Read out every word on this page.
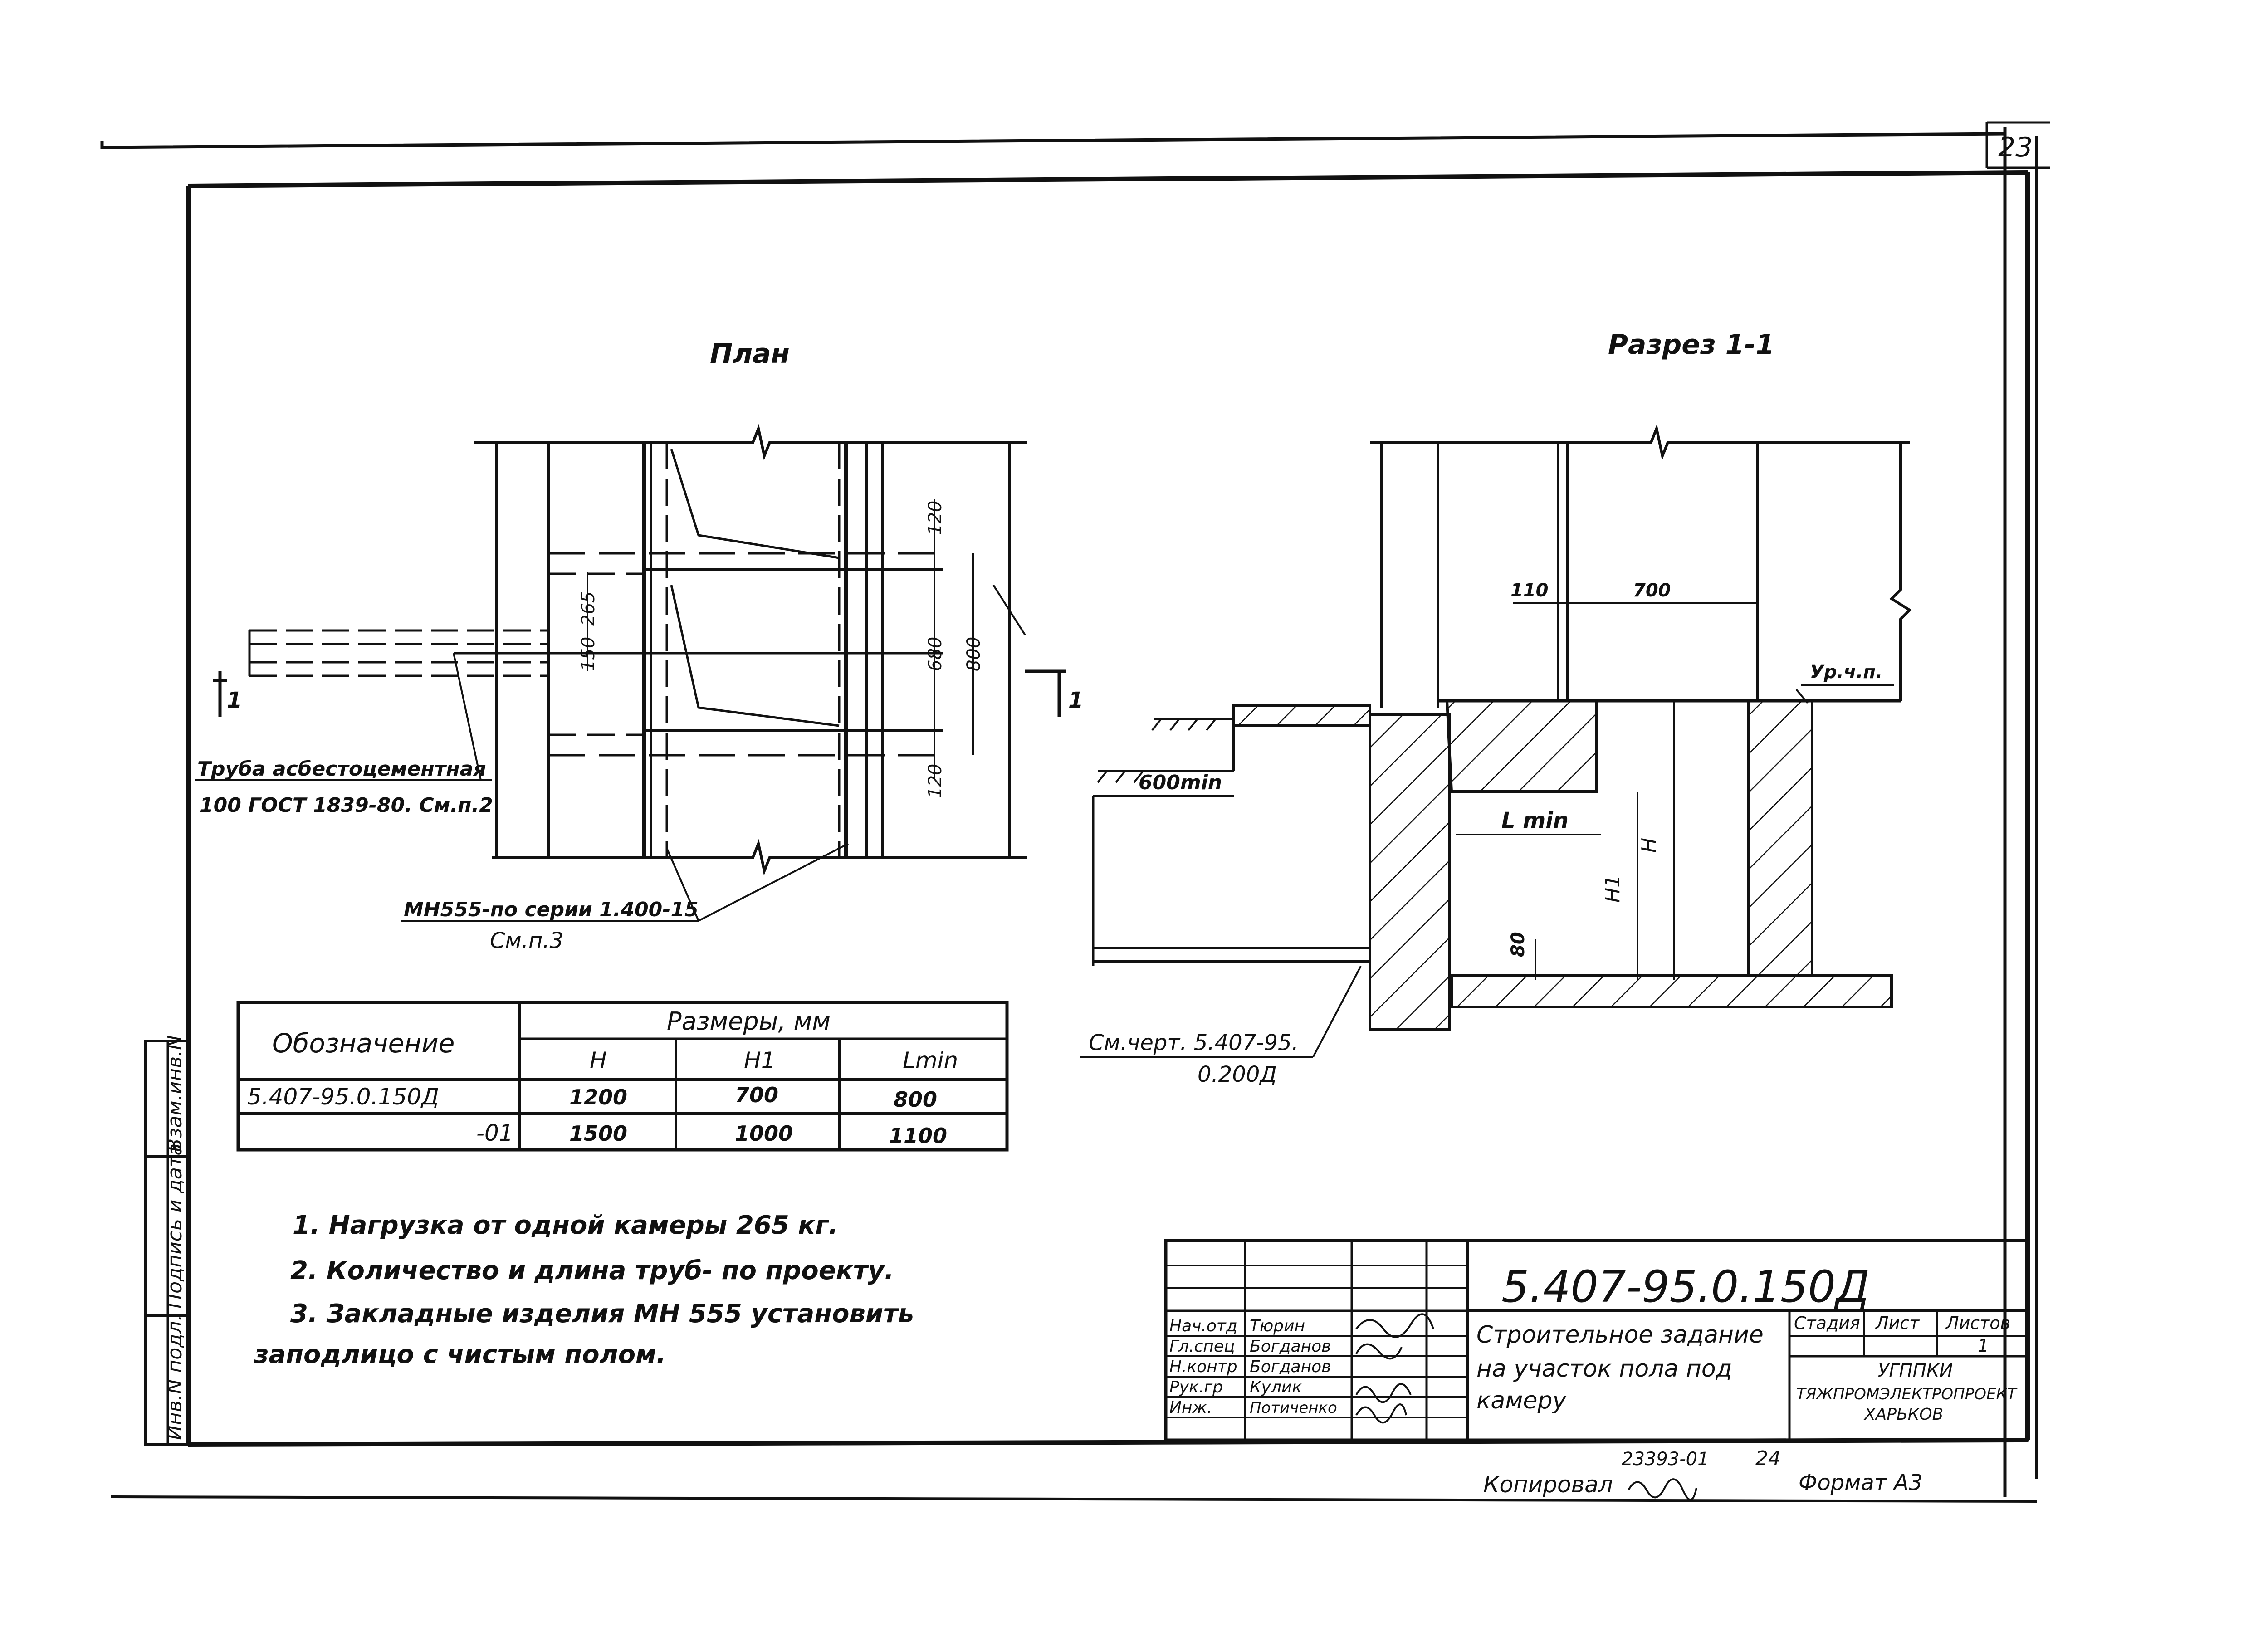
23
Инв.N подл.
Подпись и дата
Взам.инв.N
План
120
265
150	680 800
120
1	1
Труба асбестоцементная
100 ГОСТ 1839-80. См.п.2
МН555-по серии 1.400-15
См.п.3
Разрез 1-1
110	700
Ур.ч.п.
600min
L min
H
H1
80
См.черт. 5.407-95.
0.200Д
Обозначение
Размеры, мм
H	H1	Lmin
5.407-95.0.150Д	1200	700	800
-01	1500	1000	1100
1. Нагрузка от одной камеры 265 кг.
2. Количество и длина труб- по проекту.
3. Закладные изделия МН 555 установить
заподлицо с чистым полом.
5.407-95.0.150Д
Строительное задание
на участок пола под
камеру
Стадия Лист Листов
1
УГППКИ
ТЯЖПРОМЭЛЕКТРОПРОЕКТ
ХАРЬКОВ
Нач.отд Тюрин
Гл.спец Богданов
Н.контр Богданов
Рук.гр Кулик
Инж. Потиченко
23393-01 24
Копировал	Формат А3
